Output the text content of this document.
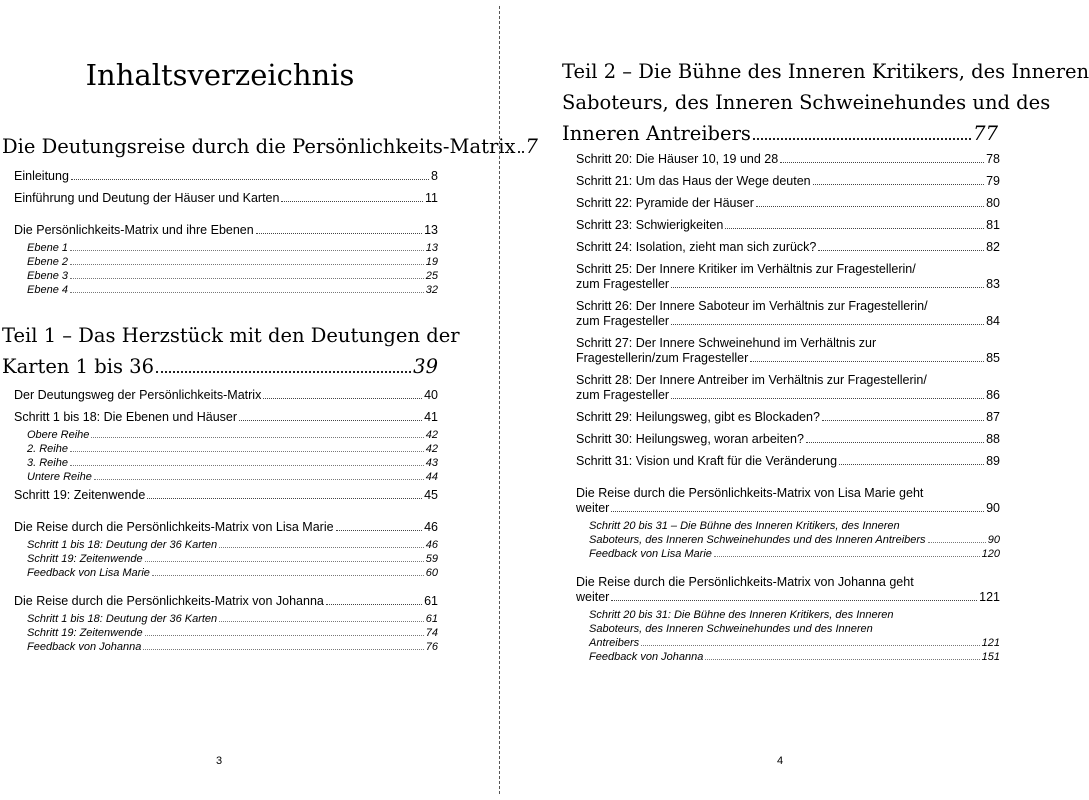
Inhaltsverzeichnis
Die Deutungsreise durch die Persönlichkeits-Matrix 7
Einleitung	8
Einführung und Deutung der Häuser und Karten	11
Die Persönlichkeits-Matrix und ihre Ebenen	13
Ebene 1	13
Ebene 2	19
Ebene 3	25
Ebene 4	32
Teil 1 – Das Herzstück mit den Deutungen der
Karten 1 bis 36	39
Der Deutungsweg der Persönlichkeits-Matrix	40
Schritt 1 bis 18: Die Ebenen und Häuser	41
Obere Reihe	42
2. Reihe	42
3. Reihe	43
Untere Reihe	44
Schritt 19: Zeitenwende	45
Die Reise durch die Persönlichkeits-Matrix von Lisa Marie	46
Schritt 1 bis 18: Deutung der 36 Karten	46
Schritt 19: Zeitenwende	59
Feedback von Lisa Marie	60
Die Reise durch die Persönlichkeits-Matrix von Johanna	61
Schritt 1 bis 18: Deutung der 36 Karten	61
Schritt 19: Zeitenwende	74
Feedback von Johanna	76
3
Teil 2 – Die Bühne des Inneren Kritikers, des Inneren
Saboteurs, des Inneren Schweinehundes und des
Inneren Antreibers	77
Schritt 20: Die Häuser 10, 19 und 28	78
Schritt 21: Um das Haus der Wege deuten	79
Schritt 22: Pyramide der Häuser	80
Schritt 23: Schwierigkeiten	81
Schritt 24: Isolation, zieht man sich zurück?	82
Schritt 25: Der Innere Kritiker im Verhältnis zur Fragestellerin/
zum Fragesteller	83
Schritt 26: Der Innere Saboteur im Verhältnis zur Fragestellerin/
zum Fragesteller	84
Schritt 27: Der Innere Schweinehund im Verhältnis zur
Fragestellerin/zum Fragesteller	85
Schritt 28: Der Innere Antreiber im Verhältnis zur Fragestellerin/
zum Fragesteller	86
Schritt 29: Heilungsweg, gibt es Blockaden?	87
Schritt 30: Heilungsweg, woran arbeiten?	88
Schritt 31: Vision und Kraft für die Veränderung	89
Die Reise durch die Persönlichkeits-Matrix von Lisa Marie geht
weiter	90
Schritt 20 bis 31 – Die Bühne des Inneren Kritikers, des Inneren
Saboteurs, des Inneren Schweinehundes und des Inneren Antreibers	90
Feedback von Lisa Marie	120
Die Reise durch die Persönlichkeits-Matrix von Johanna geht
weiter	121
Schritt 20 bis 31: Die Bühne des Inneren Kritikers, des Inneren
Saboteurs, des Inneren Schweinehundes und des Inneren
Antreibers	121
Feedback von Johanna	151
4
